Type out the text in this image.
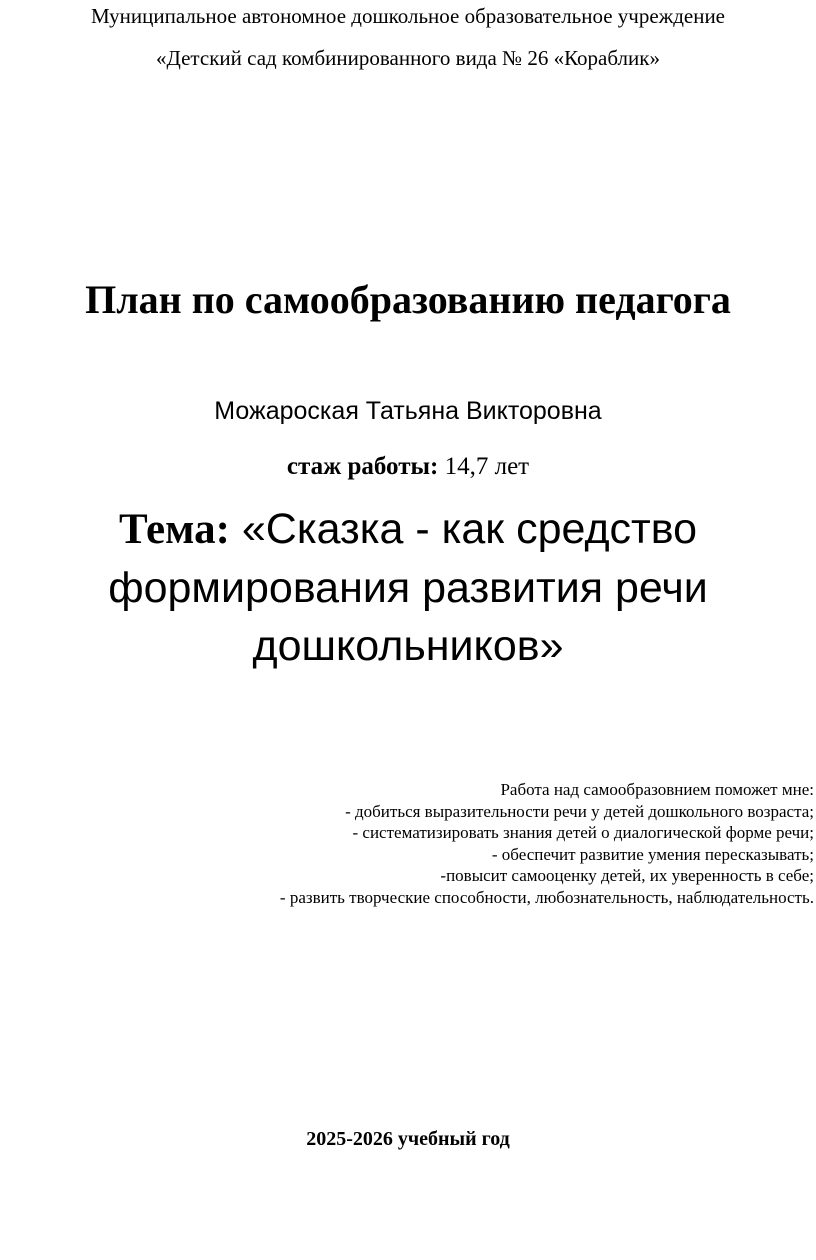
Муниципальное автономное дошкольное образовательное учреждение

«Детский сад комбинированного вида № 26 «Кораблик»

План по самообразованию педагога

Можароская Татьяна Викторовна

стаж работы: 14,7 лет

Тема: «Сказка - как средство
формирования развития речи
дошкольников»
Работа над самообразовнием поможет мне:
- добиться выразительности речи у детей дошкольного возраста;
- систематизировать знания детей о диалогической форме речи;
- обеспечит развитие умения пересказывать;
-повысит самооценку детей, их уверенность в себе;
- развить творческие способности, любознательность, наблюдательность.

2025-2026 учебный год
